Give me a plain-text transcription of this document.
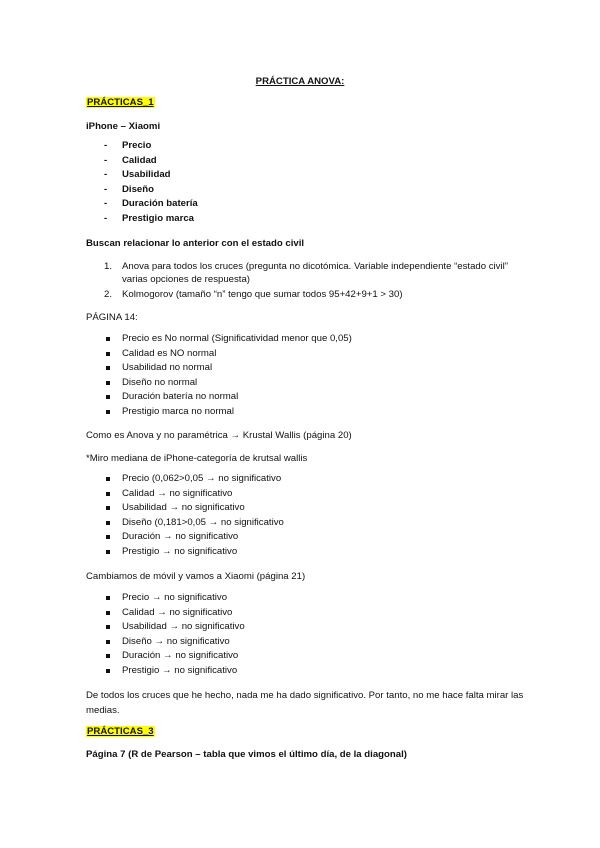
PRÁCTICA ANOVA:
PRÁCTICAS_1
iPhone – Xiaomi
- Precio
- Calidad
- Usabilidad
- Diseño
- Duración batería
- Prestigio marca
Buscan relacionar lo anterior con el estado civil
1. Anova para todos los cruces (pregunta no dicotómica. Variable independiente “estado civil” varias opciones de respuesta)
2. Kolmogorov (tamaño “n” tengo que sumar todos 95+42+9+1 > 30)
PÁGINA 14:
Precio es No normal (Significatividad menor que 0,05)
Calidad es NO normal
Usabilidad no normal
Diseño no normal
Duración batería no normal
Prestigio marca no normal
Como es Anova y no paramétrica → Krustal Wallis (página 20)
*Miro mediana de iPhone-categoría de krutsal wallis
Precio (0,062>0,05 → no significativo
Calidad → no significativo
Usabilidad → no significativo
Diseño (0,181>0,05 → no significativo
Duración → no significativo
Prestigio → no significativo
Cambiamos de móvil y vamos a Xiaomi (página 21)
Precio → no significativo
Calidad → no significativo
Usabilidad → no significativo
Diseño → no significativo
Duración → no significativo
Prestigio → no significativo
De todos los cruces que he hecho, nada me ha dado significativo. Por tanto, no me hace falta mirar las medias.
PRÁCTICAS_3
Página 7 (R de Pearson – tabla que vimos el último día, de la diagonal)
